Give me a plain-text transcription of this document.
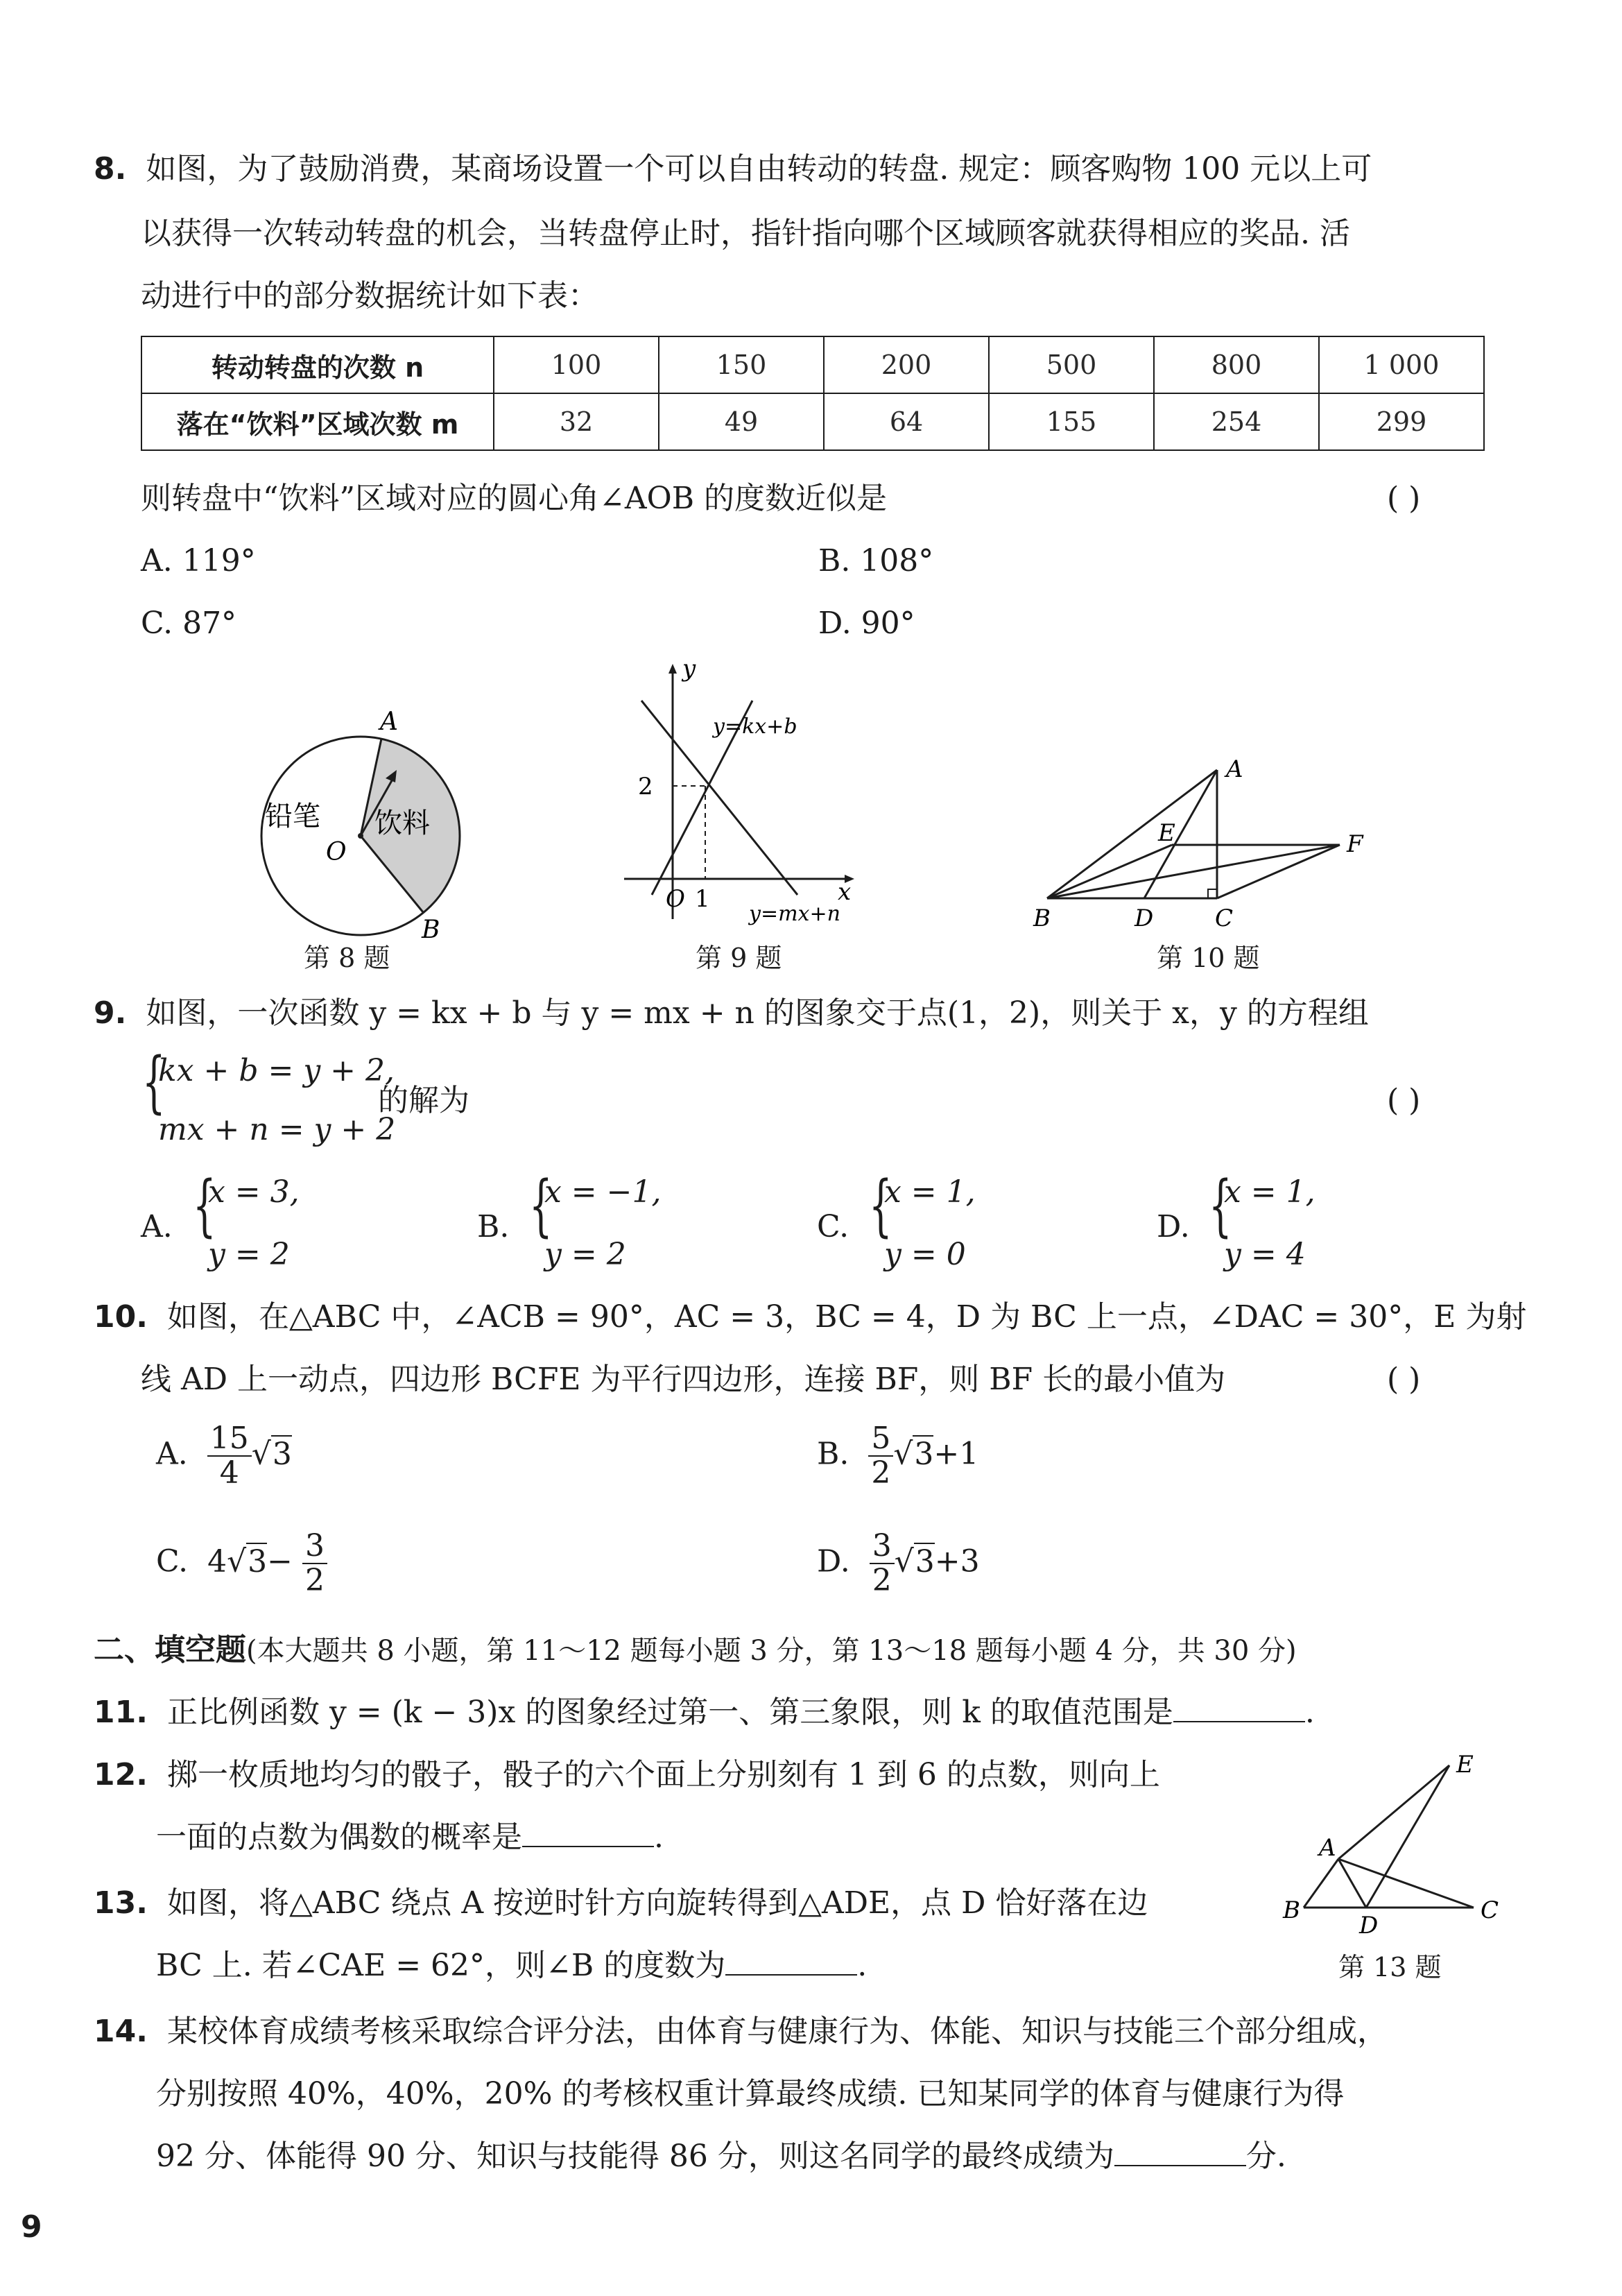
8. 如图，为了鼓励消费，某商场设置一个可以自由转动的转盘. 规定：顾客购物 100 元以上可
以获得一次转动转盘的机会，当转盘停止时，指针指向哪个区域顾客就获得相应的奖品. 活
动进行中的部分数据统计如下表：
转动转盘的次数 n	100	150	200	500	800	1 000
落在“饮料”区域次数 m	32	49	64	155	254	299
则转盘中“饮料”区域对应的圆心角∠AOB 的度数近似是	( )
A. 119°	B. 108°
C. 87°	D. 90°
铅笔 饮料
A
B
O
第 8 题
y
x
O 1
2
y=kx+b
y=mx+n
第 9 题
A
B	C
D
E	F
第 10 题
9. 如图，一次函数 y = kx + b 与 y = mx + n 的图象交于点(1，2)，则关于 x，y 的方程组
{
kx + b = y + 2,
mx + n = y + 2
的解为	( )
A. {
x = 3,
y = 2
B. {
x = −1,
y = 2
C. {
x = 1,
y = 0
D. {
x = 1,
y = 4
10. 如图，在△ABC 中，∠ACB = 90°，AC = 3，BC = 4，D 为 BC 上一点，∠DAC = 30°，E 为射
线 AD 上一动点，四边形 BCFE 为平行四边形，连接 BF，则 BF 长的最小值为	( )
A. $\frac{15}{4} √3$	B. $\frac{5}{2} √3+1$
C. $4√3- \frac{3}{2}$	D. $\frac{3}{2} √3+3$
二、填空题(本大题共 8 小题，第 11～12 题每小题 3 分，第 13～18 题每小题 4 分，共 30 分)
11. 正比例函数 y = (k − 3)x 的图象经过第一、第三象限，则 k 的取值范围是	.
12. 掷一枚质地均匀的骰子，骰子的六个面上分别刻有 1 到 6 的点数，则向上
一面的点数为偶数的概率是	.	A
B	C
D
E
第 13 题
13. 如图，将△ABC 绕点 A 按逆时针方向旋转得到△ADE，点 D 恰好落在边
BC 上. 若∠CAE = 62°，则∠B 的度数为	.
14. 某校体育成绩考核采取综合评分法，由体育与健康行为、体能、知识与技能三个部分组成，
分别按照 40%，40%，20% 的考核权重计算最终成绩. 已知某同学的体育与健康行为得
92 分、体能得 90 分、知识与技能得 86 分，则这名同学的最终成绩为	分.
9
